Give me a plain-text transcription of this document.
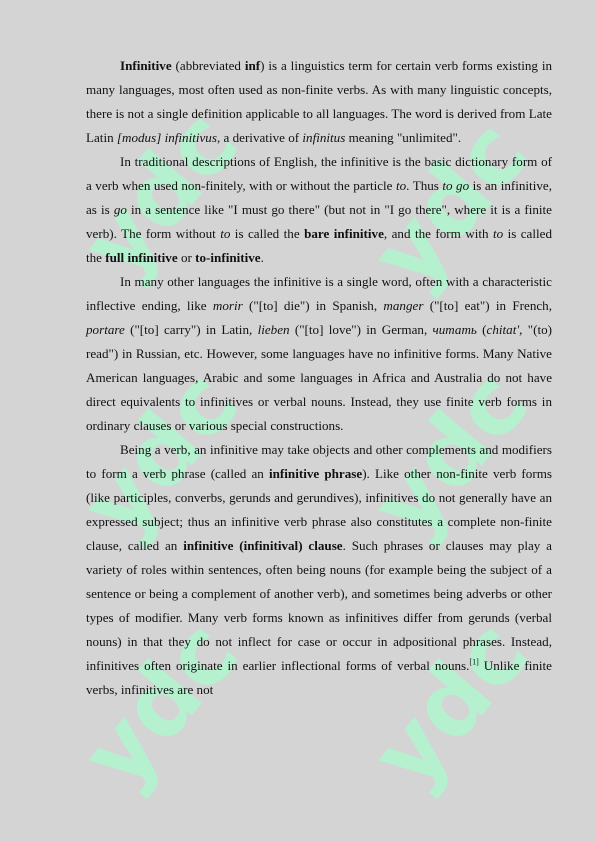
ydc ydc
ydc ydc
ydc ydc

Infinitive (abbreviated inf) is a linguistics term for certain verb forms existing in many languages, most often used as non-finite verbs. As with many linguistic concepts, there is not a single definition applicable to all languages. The word is derived from Late Latin [modus] infinitivus, a derivative of infinitus meaning "unlimited".

In traditional descriptions of English, the infinitive is the basic dictionary form of a verb when used non-finitely, with or without the particle to. Thus to go is an infinitive, as is go in a sentence like "I must go there" (but not in "I go there", where it is a finite verb). The form without to is called the bare infinitive, and the form with to is called the full infinitive or to-infinitive.

In many other languages the infinitive is a single word, often with a characteristic inflective ending, like morir ("[to] die") in Spanish, manger ("[to] eat") in French, portare ("[to] carry") in Latin, lieben ("[to] love") in German, читать (chitat', "(to) read") in Russian, etc. However, some languages have no infinitive forms. Many Native American languages, Arabic and some languages in Africa and Australia do not have direct equivalents to infinitives or verbal nouns. Instead, they use finite verb forms in ordinary clauses or various special constructions.

Being a verb, an infinitive may take objects and other complements and modifiers to form a verb phrase (called an infinitive phrase). Like other non-finite verb forms (like participles, converbs, gerunds and gerundives), infinitives do not generally have an expressed subject; thus an infinitive verb phrase also constitutes a complete non-finite clause, called an infinitive (infinitival) clause. Such phrases or clauses may play a variety of roles within sentences, often being nouns (for example being the subject of a sentence or being a complement of another verb), and sometimes being adverbs or other types of modifier. Many verb forms known as infinitives differ from gerunds (verbal nouns) in that they do not inflect for case or occur in adpositional phrases. Instead, infinitives often originate in earlier inflectional forms of verbal nouns.[1] Unlike finite verbs, infinitives are not
